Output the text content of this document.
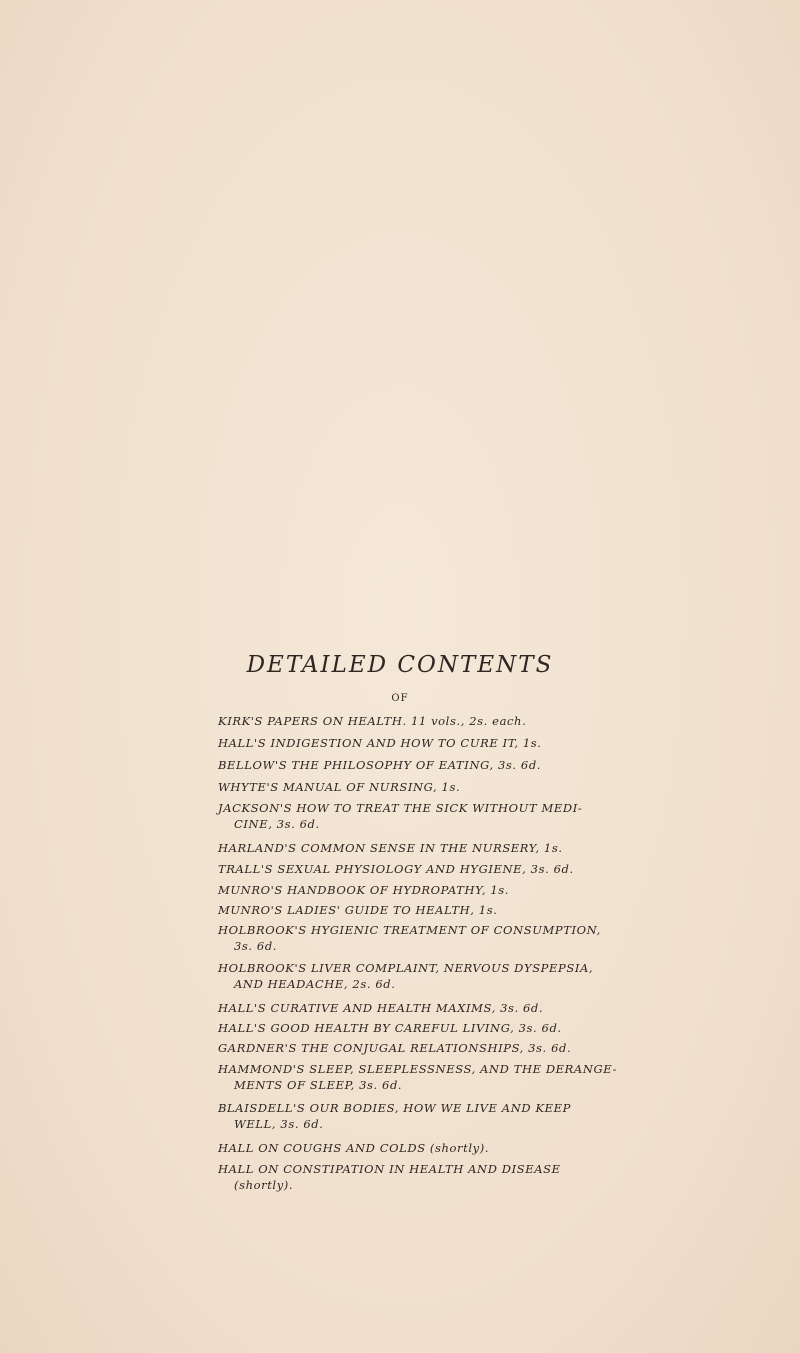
DETAILED CONTENTS
OF
KIRK'S PAPERS ON HEALTH. 11 vols., 2s. each.
HALL'S INDIGESTION AND HOW TO CURE IT, 1s.
BELLOW'S THE PHILOSOPHY OF EATING, 3s. 6d.
WHYTE'S MANUAL OF NURSING, 1s.
JACKSON'S HOW TO TREAT THE SICK WITHOUT MEDI-
CINE, 3s. 6d.
HARLAND'S COMMON SENSE IN THE NURSERY, 1s.
TRALL'S SEXUAL PHYSIOLOGY AND HYGIENE, 3s. 6d.
MUNRO'S HANDBOOK OF HYDROPATHY, 1s.
MUNRO'S LADIES' GUIDE TO HEALTH, 1s.
HOLBROOK'S HYGIENIC TREATMENT OF CONSUMPTION,
3s. 6d.
HOLBROOK'S LIVER COMPLAINT, NERVOUS DYSPEPSIA,
AND HEADACHE, 2s. 6d.
HALL'S CURATIVE AND HEALTH MAXIMS, 3s. 6d.
HALL'S GOOD HEALTH BY CAREFUL LIVING, 3s. 6d.
GARDNER'S THE CONJUGAL RELATIONSHIPS, 3s. 6d.
HAMMOND'S SLEEP, SLEEPLESSNESS, AND THE DERANGE-
MENTS OF SLEEP, 3s. 6d.
BLAISDELL'S OUR BODIES, HOW WE LIVE AND KEEP
WELL, 3s. 6d.
HALL ON COUGHS AND COLDS (shortly).
HALL ON CONSTIPATION IN HEALTH AND DISEASE
(shortly).
